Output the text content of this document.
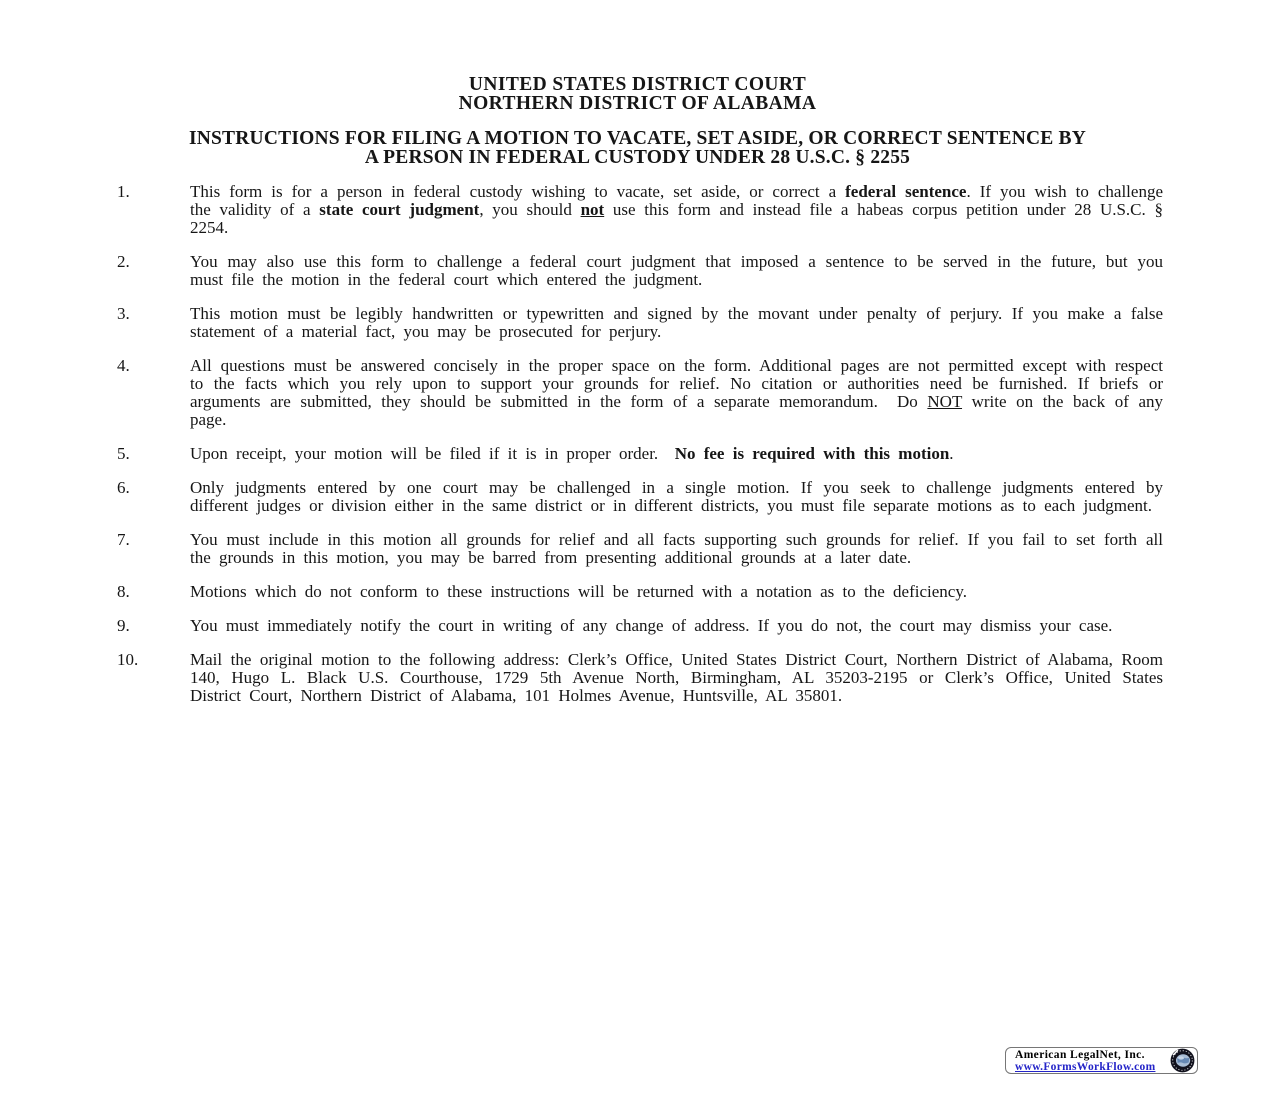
UNITED STATES DISTRICT COURT
NORTHERN DISTRICT OF ALABAMA
INSTRUCTIONS FOR FILING A MOTION TO VACATE, SET ASIDE, OR CORRECT SENTENCE BY
A PERSON IN FEDERAL CUSTODY UNDER 28 U.S.C. § 2255
1.	This form is for a person in federal custody wishing to vacate, set aside, or correct a federal sentence. If you wish to challenge the validity of a state court judgment, you should not use this form and instead file a habeas corpus petition under 28 U.S.C. § 2254.

2.	You may also use this form to challenge a federal court judgment that imposed a sentence to be served in the future, but you must file the motion in the federal court which entered the judgment.

3.	This motion must be legibly handwritten or typewritten and signed by the movant under penalty of perjury. If you make a false statement of a material fact, you may be prosecuted for perjury.

4.	All questions must be answered concisely in the proper space on the form. Additional pages are not permitted except with respect to the facts which you rely upon to support your grounds for relief. No citation or authorities need be furnished. If briefs or arguments are submitted, they should be submitted in the form of a separate memorandum.  Do NOT write on the back of any page.

5.	Upon receipt, your motion will be filed if it is in proper order.  No fee is required with this motion.

6.	Only judgments entered by one court may be challenged in a single motion. If you seek to challenge judgments entered by different judges or division either in the same district or in different districts, you must file separate motions as to each judgment.

7.	You must include in this motion all grounds for relief and all facts supporting such grounds for relief. If you fail to set forth all the grounds in this motion, you may be barred from presenting additional grounds at a later date.

8.	Motions which do not conform to these instructions will be returned with a notation as to the deficiency.

9.	You must immediately notify the court in writing of any change of address. If you do not, the court may dismiss your case.

10.	Mail the original motion to the following address: Clerk’s Office, United States District Court, Northern District of Alabama, Room 140, Hugo L. Black U.S. Courthouse, 1729 5th Avenue North, Birmingham, AL 35203-2195 or Clerk’s Office, United States District Court, Northern District of Alabama, 101 Holmes Avenue, Huntsville, AL 35801.

American LegalNet, Inc.
www.FormsWorkFlow.com
